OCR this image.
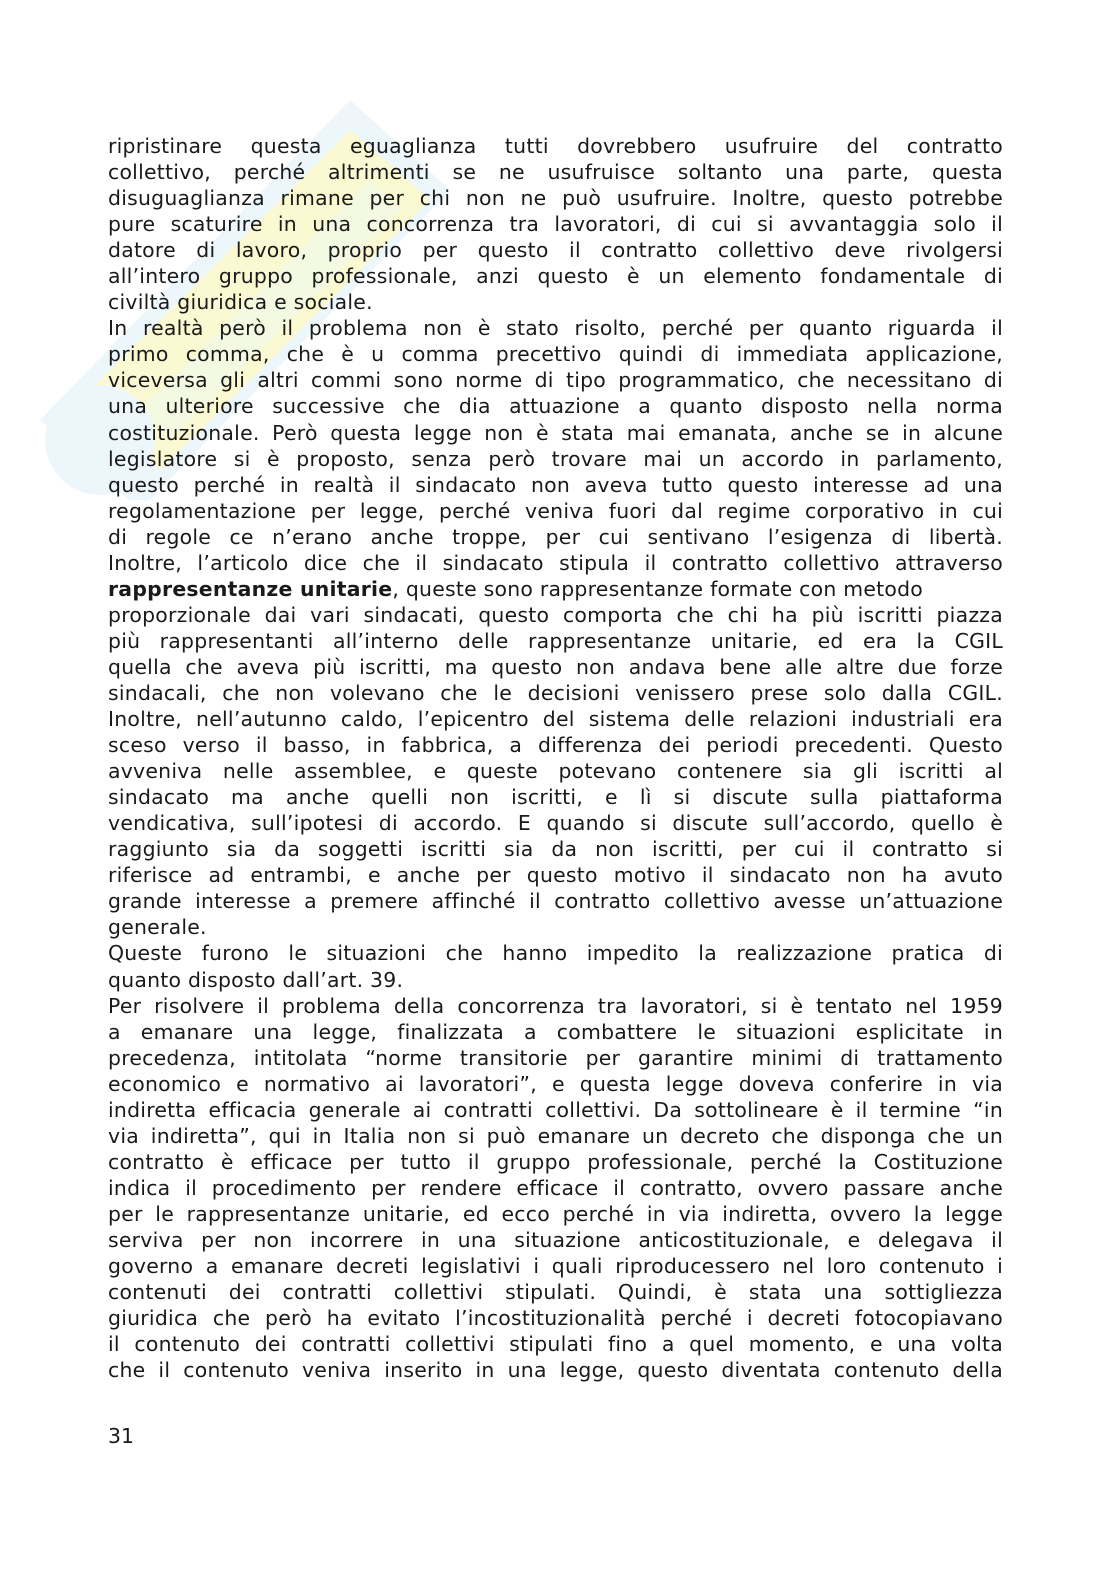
ripristinare questa eguaglianza tutti dovrebbero usufruire del contratto
collettivo, perché altrimenti se ne usufruisce soltanto una parte, questa
disuguaglianza rimane per chi non ne può usufruire. Inoltre, questo potrebbe
pure scaturire in una concorrenza tra lavoratori, di cui si avvantaggia solo il
datore di lavoro, proprio per questo il contratto collettivo deve rivolgersi
all’intero gruppo professionale, anzi questo è un elemento fondamentale di
civiltà giuridica e sociale.
In realtà però il problema non è stato risolto, perché per quanto riguarda il
primo comma, che è u comma precettivo quindi di immediata applicazione,
viceversa gli altri commi sono norme di tipo programmatico, che necessitano di
una ulteriore successive che dia attuazione a quanto disposto nella norma
costituzionale. Però questa legge non è stata mai emanata, anche se in alcune
legislatore si è proposto, senza però trovare mai un accordo in parlamento,
questo perché in realtà il sindacato non aveva tutto questo interesse ad una
regolamentazione per legge, perché veniva fuori dal regime corporativo in cui
di regole ce n’erano anche troppe, per cui sentivano l’esigenza di libertà.
Inoltre, l’articolo dice che il sindacato stipula il contratto collettivo attraverso
rappresentanze unitarie, queste sono rappresentanze formate con metodo
proporzionale dai vari sindacati, questo comporta che chi ha più iscritti piazza
più rappresentanti all’interno delle rappresentanze unitarie, ed era la CGIL
quella che aveva più iscritti, ma questo non andava bene alle altre due forze
sindacali, che non volevano che le decisioni venissero prese solo dalla CGIL.
Inoltre, nell’autunno caldo, l’epicentro del sistema delle relazioni industriali era
sceso verso il basso, in fabbrica, a differenza dei periodi precedenti. Questo
avveniva nelle assemblee, e queste potevano contenere sia gli iscritti al
sindacato ma anche quelli non iscritti, e lì si discute sulla piattaforma
vendicativa, sull’ipotesi di accordo. E quando si discute sull’accordo, quello è
raggiunto sia da soggetti iscritti sia da non iscritti, per cui il contratto si
riferisce ad entrambi, e anche per questo motivo il sindacato non ha avuto
grande interesse a premere affinché il contratto collettivo avesse un’attuazione
generale.
Queste furono le situazioni che hanno impedito la realizzazione pratica di
quanto disposto dall’art. 39.
Per risolvere il problema della concorrenza tra lavoratori, si è tentato nel 1959
a emanare una legge, finalizzata a combattere le situazioni esplicitate in
precedenza, intitolata “norme transitorie per garantire minimi di trattamento
economico e normativo ai lavoratori”, e questa legge doveva conferire in via
indiretta efficacia generale ai contratti collettivi. Da sottolineare è il termine “in
via indiretta”, qui in Italia non si può emanare un decreto che disponga che un
contratto è efficace per tutto il gruppo professionale, perché la Costituzione
indica il procedimento per rendere efficace il contratto, ovvero passare anche
per le rappresentanze unitarie, ed ecco perché in via indiretta, ovvero la legge
serviva per non incorrere in una situazione anticostituzionale, e delegava il
governo a emanare decreti legislativi i quali riproducessero nel loro contenuto i
contenuti dei contratti collettivi stipulati. Quindi, è stata una sottigliezza
giuridica che però ha evitato l’incostituzionalità perché i decreti fotocopiavano
il contenuto dei contratti collettivi stipulati fino a quel momento, e una volta
che il contenuto veniva inserito in una legge, questo diventata contenuto della
31
